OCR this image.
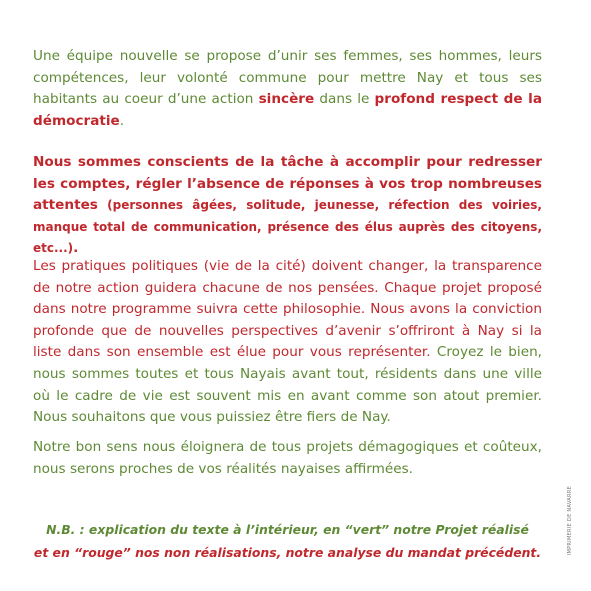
Une équipe nouvelle se propose d’unir ses femmes, ses hommes, leurs compétences, leur volonté commune pour mettre Nay et tous ses habitants au coeur d’une action sincère dans le profond respect de la démocratie.

Nous sommes conscients de la tâche à accomplir pour redresser les comptes, régler l’absence de réponses à vos trop nombreuses attentes (personnes âgées, solitude, jeunesse, réfection des voiries, manque total de communication, présence des élus auprès des citoyens, etc...).

Les pratiques politiques (vie de la cité) doivent changer, la transparence de notre action guidera chacune de nos pensées. Chaque projet proposé dans notre programme suivra cette philosophie. Nous avons la conviction profonde que de nouvelles perspectives d’avenir s’offriront à Nay si la liste dans son ensemble est élue pour vous représenter. Croyez le bien, nous sommes toutes et tous Nayais avant tout, résidents dans une ville où le cadre de vie est souvent mis en avant comme son atout premier. Nous souhaitons que vous puissiez être fiers de Nay.

Notre bon sens nous éloignera de tous projets démagogiques et coûteux, nous serons proches de vos réalités nayaises affirmées.

N.B. : explication du texte à l’intérieur, en “vert” notre Projet réalisé

et en “rouge” nos non réalisations, notre analyse du mandat précédent.	IMPRIMERIE DE NAVARRE
